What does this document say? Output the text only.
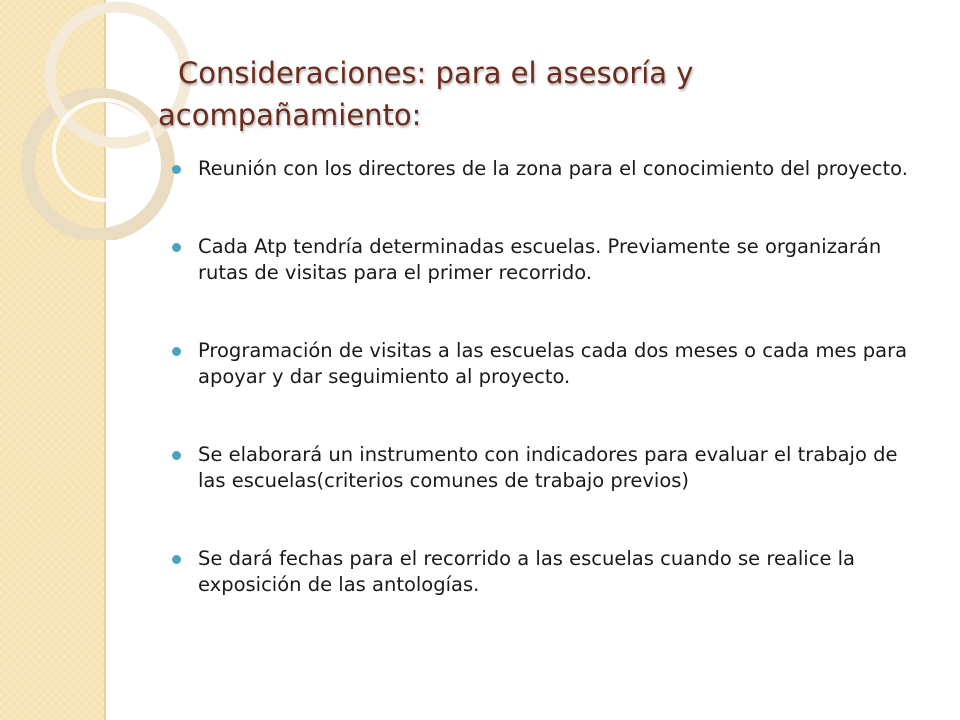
Consideraciones: para el asesoría y
acompañamiento:
Reunión con los directores de la zona para el conocimiento del proyecto.
Cada Atp tendría determinadas escuelas. Previamente se organizarán rutas de visitas para el primer recorrido.
Programación de visitas a las escuelas cada dos meses o cada mes para apoyar y dar seguimiento al proyecto.
Se elaborará un instrumento con indicadores para evaluar el trabajo de las escuelas(criterios comunes de trabajo previos)
Se dará fechas para el recorrido a las escuelas cuando se realice la exposición de las antologías.
